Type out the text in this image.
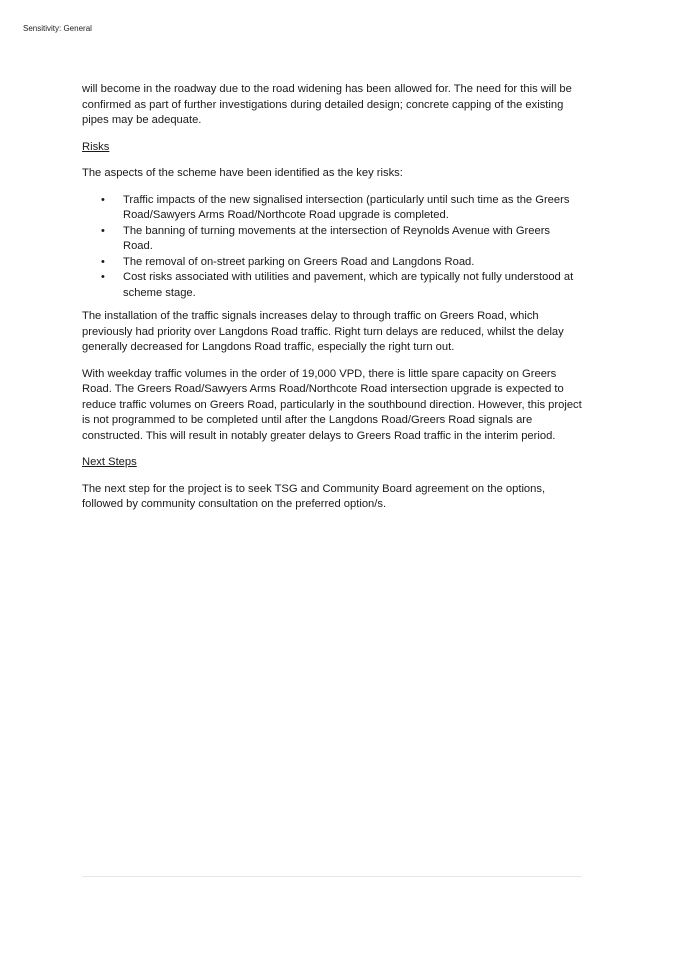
Sensitivity: General

will become in the roadway due to the road widening has been allowed for. The need for this will be confirmed as part of further investigations during detailed design; concrete capping of the existing pipes may be adequate.

Risks

The aspects of the scheme have been identified as the key risks:

• Traffic impacts of the new signalised intersection (particularly until such time as the Greers Road/Sawyers Arms Road/Northcote Road upgrade is completed.
• The banning of turning movements at the intersection of Reynolds Avenue with Greers Road.
• The removal of on-street parking on Greers Road and Langdons Road.
• Cost risks associated with utilities and pavement, which are typically not fully understood at scheme stage.

The installation of the traffic signals increases delay to through traffic on Greers Road, which previously had priority over Langdons Road traffic. Right turn delays are reduced, whilst the delay generally decreased for Langdons Road traffic, especially the right turn out.

With weekday traffic volumes in the order of 19,000 VPD, there is little spare capacity on Greers Road. The Greers Road/Sawyers Arms Road/Northcote Road intersection upgrade is expected to reduce traffic volumes on Greers Road, particularly in the southbound direction. However, this project is not programmed to be completed until after the Langdons Road/Greers Road signals are constructed. This will result in notably greater delays to Greers Road traffic in the interim period.

Next Steps

The next step for the project is to seek TSG and Community Board agreement on the options, followed by community consultation on the preferred option/s.
